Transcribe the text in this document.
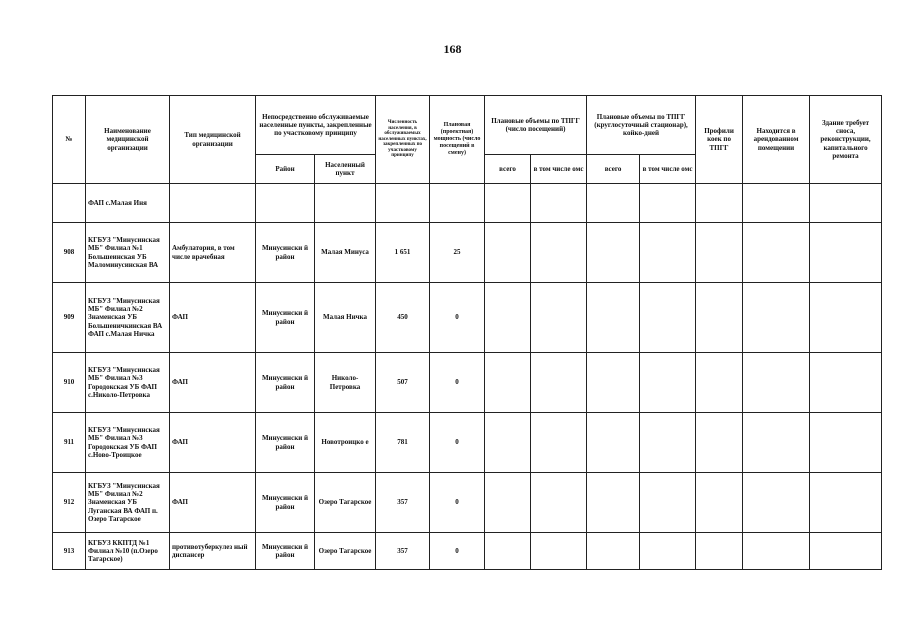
168
№	Наименование медицинской организации	Тип медицинской организации	Непосредственно обслуживаемые населенные пункты, закрепленные по участковому принципу		Численность населения, в обслуживаемых населенных пунктах, закрепленных по участковому принципу	Плановая (проектная) мощность (число посещений в смену)	Плановые объемы по ТПГГ (число посещений)		Плановые объемы по ТПГГ (круглосуточный стационар), койко-дней		Профили коек по ТПГГ	Находится в арендованном помещении	Здание требует сноса, реконструкции, капитального ремонта
			Район	Населенный пункт			всего	в том числе омс	всего	в том числе омс			
	ФАП с.Малая Иня												
908	КГБУЗ "Минусинская МБ" Филиал №1 Большеинская УБ Маломинусинская ВА	Амбулатория, в том числе врачебная	Минусински й район	Малая Минуса	1 651	25							
909	КГБУЗ "Минусинская МБ" Филиал №2 Знаменская УБ Большеничкинская ВА ФАП с.Малая Ничка	ФАП	Минусински й район	Малая Ничка	450	0							
910	КГБУЗ "Минусинская МБ" Филиал №3 Городокская УБ ФАП с.Николо-Петровка	ФАП	Минусински й район	Николо-Петровка	507	0							
911	КГБУЗ "Минусинская МБ" Филиал №3 Городокская УБ ФАП с.Ново-Троицкое	ФАП	Минусински й район	Новотроицко е	781	0							
912	КГБУЗ "Минусинская МБ" Филиал №2 Знаменская УБ Луганская ВА ФАП п. Озеро Тагарское	ФАП	Минусински й район	Озеро Тагарское	357	0							
913	КГБУЗ ККПТД №1 Филиал №10 (п.Озеро Тагарское)	противотуберкулез ный диспансер	Минусински й район	Озеро Тагарское	357	0							
